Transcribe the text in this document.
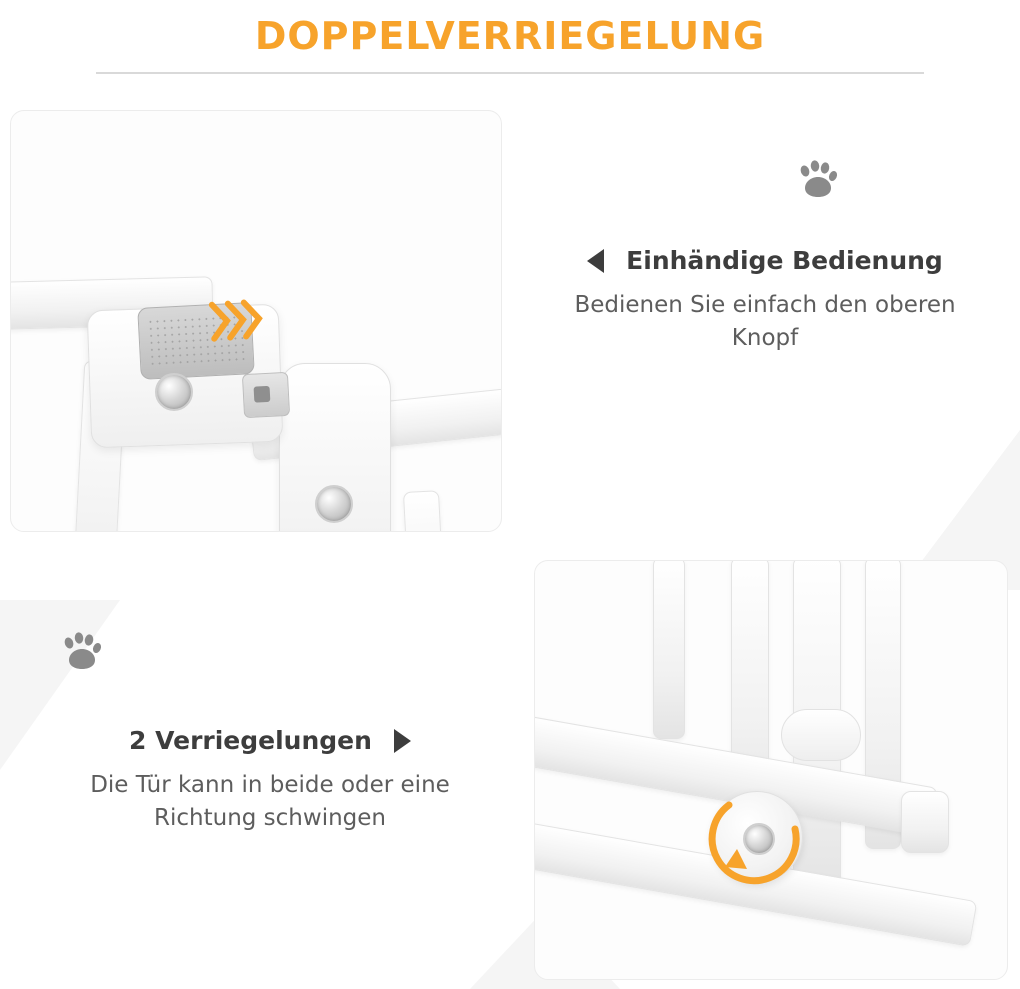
DOPPELVERRIEGELUNG
Einhändige Bedienung
Bedienen Sie einfach den oberen Knopf
2 Verriegelungen
Die Tür kann in beide oder eine Richtung schwingen
